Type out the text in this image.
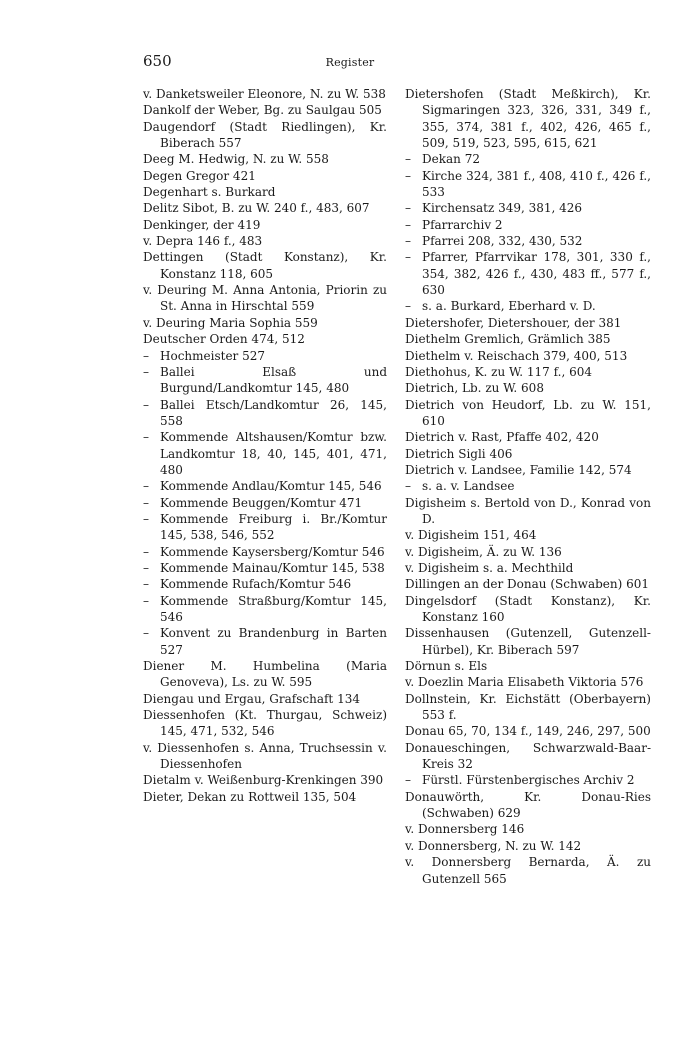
650	Register

v. Danketsweiler Eleonore, N. zu W. 538

Dankolf der Weber, Bg. zu Saulgau 505

Daugendorf (Stadt Riedlingen), Kr. Biberach 557

Deeg M. Hedwig, N. zu W. 558

Degen Gregor 421

Degenhart s. Burkard

Delitz Sibot, B. zu W. 240 f., 483, 607

Denkinger, der 419

v. Depra 146 f., 483

Dettingen (Stadt Konstanz), Kr. Konstanz 118, 605

v. Deuring M. Anna Antonia, Priorin zu St. Anna in Hirschtal 559

v. Deuring Maria Sophia 559

Deutscher Orden 474, 512

– Hochmeister 527

– Ballei Elsaß und Burgund/Landkomtur 145, 480

– Ballei Etsch/Landkomtur 26, 145, 558

– Kommende Altshausen/Komtur bzw. Landkomtur 18, 40, 145, 401, 471, 480

– Kommende Andlau/Komtur 145, 546

– Kommende Beuggen/Komtur 471

– Kommende Freiburg i. Br./Komtur 145, 538, 546, 552

– Kommende Kaysersberg/Komtur 546

– Kommende Mainau/Komtur 145, 538

– Kommende Rufach/Komtur 546

– Kommende Straßburg/Komtur 145, 546

– Konvent zu Brandenburg in Barten 527

Diener M. Humbelina (Maria Genoveva), Ls. zu W. 595

Diengau und Ergau, Grafschaft 134

Diessenhofen (Kt. Thurgau, Schweiz) 145, 471, 532, 546

v. Diessenhofen s. Anna, Truchsessin v. Diessenhofen

Dietalm v. Weißenburg-Krenkingen 390

Dieter, Dekan zu Rottweil 135, 504

Dietershofen (Stadt Meßkirch), Kr. Sigmaringen 323, 326, 331, 349 f., 355, 374, 381 f., 402, 426, 465 f., 509, 519, 523, 595, 615, 621

– Dekan 72

– Kirche 324, 381 f., 408, 410 f., 426 f., 533

– Kirchensatz 349, 381, 426

– Pfarrarchiv 2

– Pfarrei 208, 332, 430, 532

– Pfarrer, Pfarrvikar 178, 301, 330 f., 354, 382, 426 f., 430, 483 ff., 577 f., 630

– s. a. Burkard, Eberhard v. D.

Dietershofer, Dietershouer, der 381

Diethelm Gremlich, Grämlich 385

Diethelm v. Reischach 379, 400, 513

Diethohus, K. zu W. 117 f., 604

Dietrich, Lb. zu W. 608

Dietrich von Heudorf, Lb. zu W. 151, 610

Dietrich v. Rast, Pfaffe 402, 420

Dietrich Sigli 406

Dietrich v. Landsee, Familie 142, 574

– s. a. v. Landsee

Digisheim s. Bertold von D., Konrad von D.

v. Digisheim 151, 464

v. Digisheim, Ä. zu W. 136

v. Digisheim s. a. Mechthild

Dillingen an der Donau (Schwaben) 601

Dingelsdorf (Stadt Konstanz), Kr. Konstanz 160

Dissenhausen (Gutenzell, Gutenzell-Hürbel), Kr. Biberach 597

Dörnun s. Els

v. Doezlin Maria Elisabeth Viktoria 576

Dollnstein, Kr. Eichstätt (Oberbayern) 553 f.

Donau 65, 70, 134 f., 149, 246, 297, 500

Donaueschingen, Schwarzwald-Baar-Kreis 32

– Fürstl. Fürstenbergisches Archiv 2

Donauwörth, Kr. Donau-Ries (Schwaben) 629

v. Donnersberg 146

v. Donnersberg, N. zu W. 142

v. Donnersberg Bernarda, Ä. zu Gutenzell 565
